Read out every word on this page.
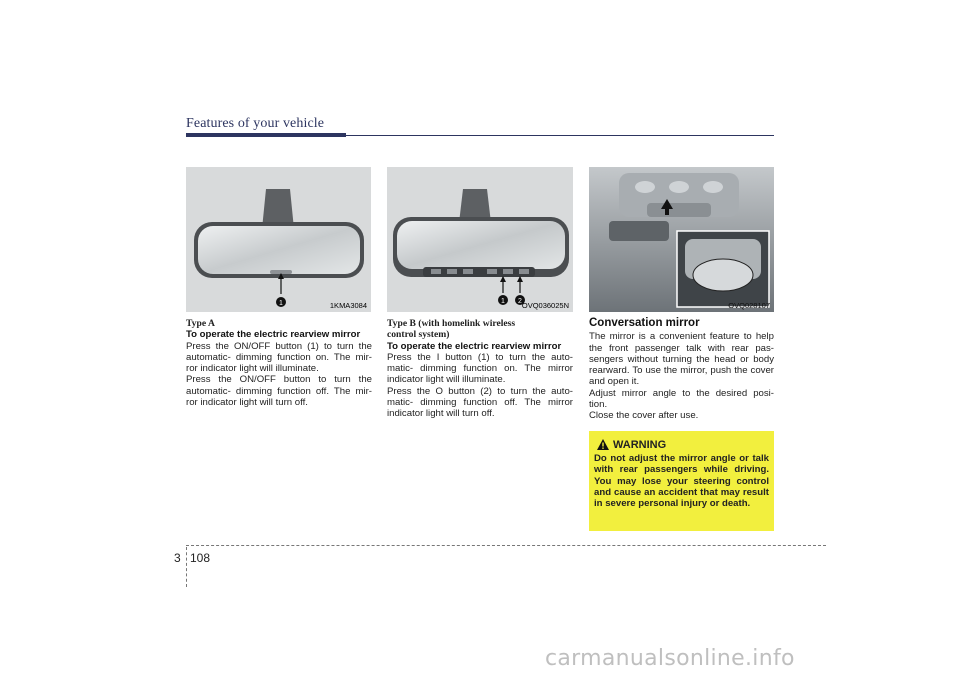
Features of your vehicle
1	1KMA3084	1 2 OVQ036025N	OVQ028107
Type A
To operate the electric rearview mirror

Press the ON/OFF button (1) to turn the automatic- dimming function on. The mir- ror indicator light will illuminate.

Press the ON/OFF button to turn the automatic- dimming function off. The mir- ror indicator light will turn off.

Type B (with homelink wireless
control system)
To operate the electric rearview mirror

Press the I button (1) to turn the auto- matic- dimming function on. The mirror indicator light will illuminate.

Press the O button (2) to turn the auto- matic- dimming function off. The mirror indicator light will turn off.

Conversation mirror

The mirror is a convenient feature to help the front passenger talk with rear pas- sengers without turning the head or body rearward. To use the mirror, push the cover and open it.

Adjust mirror angle to the desired posi- tion.

Close the cover after use.

WARNING
Do not adjust the mirror angle or talk with rear passengers while driving. You may lose your steering control and cause an accident that may result in severe personal injury or death.
3 108
carmanualsonline.info
